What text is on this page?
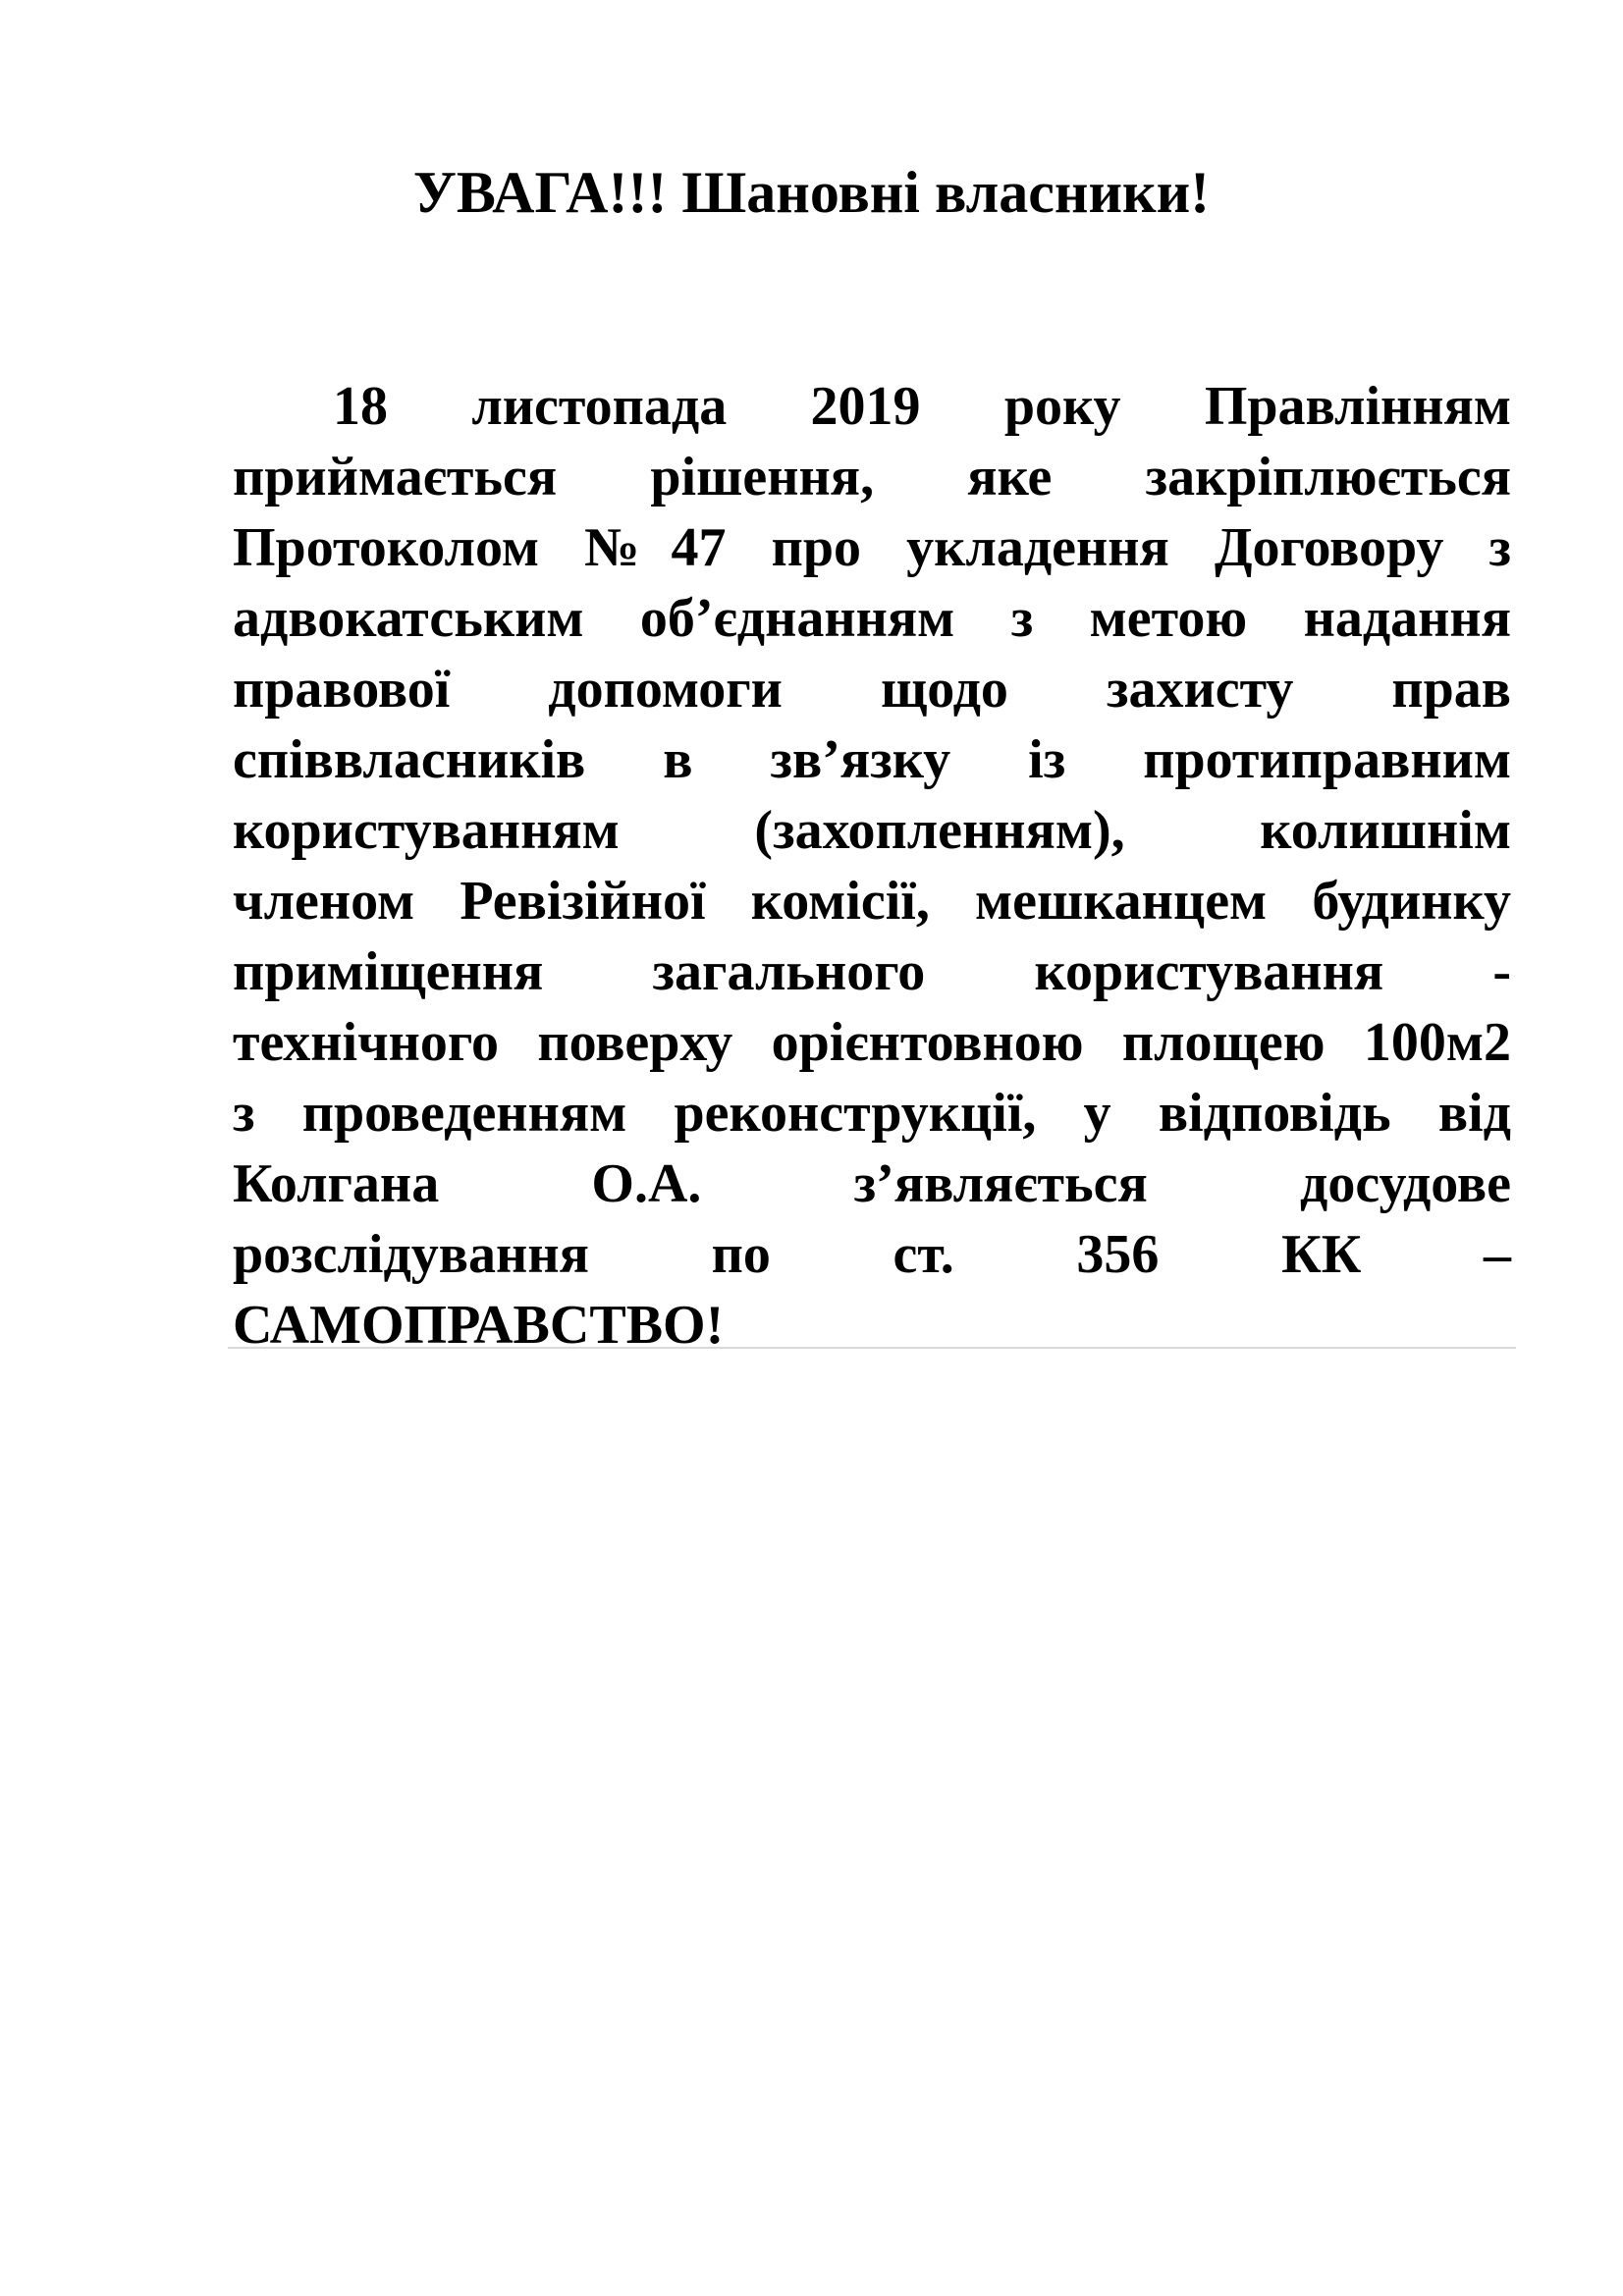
УВАГА!!! Шановні власники!
18 листопада 2019 року Правлінням
приймається рішення, яке закріплюється
Протоколом №47 про укладення Договору з
адвокатським об’єднанням з метою надання
правової допомоги щодо захисту прав
співвласників в зв’язку із протиправним
користуванням (захопленням), колишнім
членом Ревізійної комісії, мешканцем будинку
приміщення загального користування -
технічного поверху орієнтовною площею 100м2
з проведенням реконструкції, у відповідь від
Колгана О.А. з’являється досудове
розслідування по ст. 356 КК –
САМОПРАВСТВО!
